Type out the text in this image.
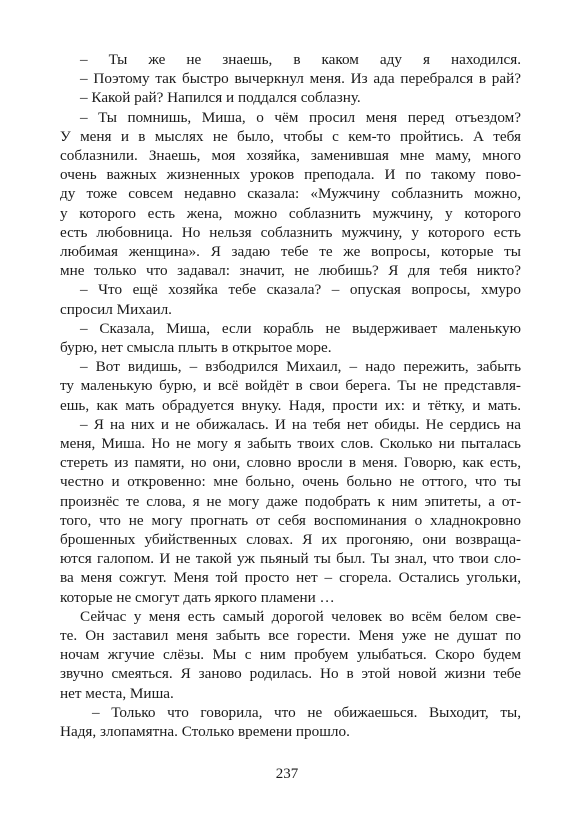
– Ты же не знаешь, в каком аду я находился.
– Поэтому так быстро вычеркнул меня. Из ада перебрался в рай?
– Какой рай? Напился и поддался соблазну.
– Ты помнишь, Миша, о чём просил меня перед отъездом?
У меня и в мыслях не было, чтобы с кем-то пройтись. А тебя
соблазнили. Знаешь, моя хозяйка, заменившая мне маму, много
очень важных жизненных уроков преподала. И по такому пово-
ду тоже совсем недавно сказала: «Мужчину соблазнить можно,
у которого есть жена, можно соблазнить мужчину, у которого
есть любовница. Но нельзя соблазнить мужчину, у которого есть
любимая женщина». Я задаю тебе те же вопросы, которые ты
мне только что задавал: значит, не любишь? Я для тебя никто?
– Что ещё хозяйка тебе сказала? – опуская вопросы, хмуро
спросил Михаил.
– Сказала, Миша, если корабль не выдерживает маленькую
бурю, нет смысла плыть в открытое море.
– Вот видишь, – взбодрился Михаил, – надо пережить, забыть
ту маленькую бурю, и всё войдёт в свои берега. Ты не представля-
ешь, как мать обрадуется внуку. Надя, прости их: и тётку, и мать.
– Я на них и не обижалась. И на тебя нет обиды. Не сердись на
меня, Миша. Но не могу я забыть твоих слов. Сколько ни пыталась
стереть из памяти, но они, словно вросли в меня. Говорю, как есть,
честно и откровенно: мне больно, очень больно не оттого, что ты
произнёс те слова, я не могу даже подобрать к ним эпитеты, а от-
того, что не могу прогнать от себя воспоминания о хладнокровно
брошенных убийственных словах. Я их прогоняю, они возвраща-
ются галопом. И не такой уж пьяный ты был. Ты знал, что твои сло-
ва меня сожгут. Меня той просто нет – сгорела. Остались угольки,
которые не смогут дать яркого пламени …
Сейчас у меня есть самый дорогой человек во всём белом све-
те. Он заставил меня забыть все горести. Меня уже не душат по
ночам жгучие слёзы. Мы с ним пробуем улыбаться. Скоро будем
звучно смеяться. Я заново родилась. Но в этой новой жизни тебе
нет места, Миша.
– Только что говорила, что не обижаешься. Выходит, ты,
Надя, злопамятна. Столько времени прошло.
237
